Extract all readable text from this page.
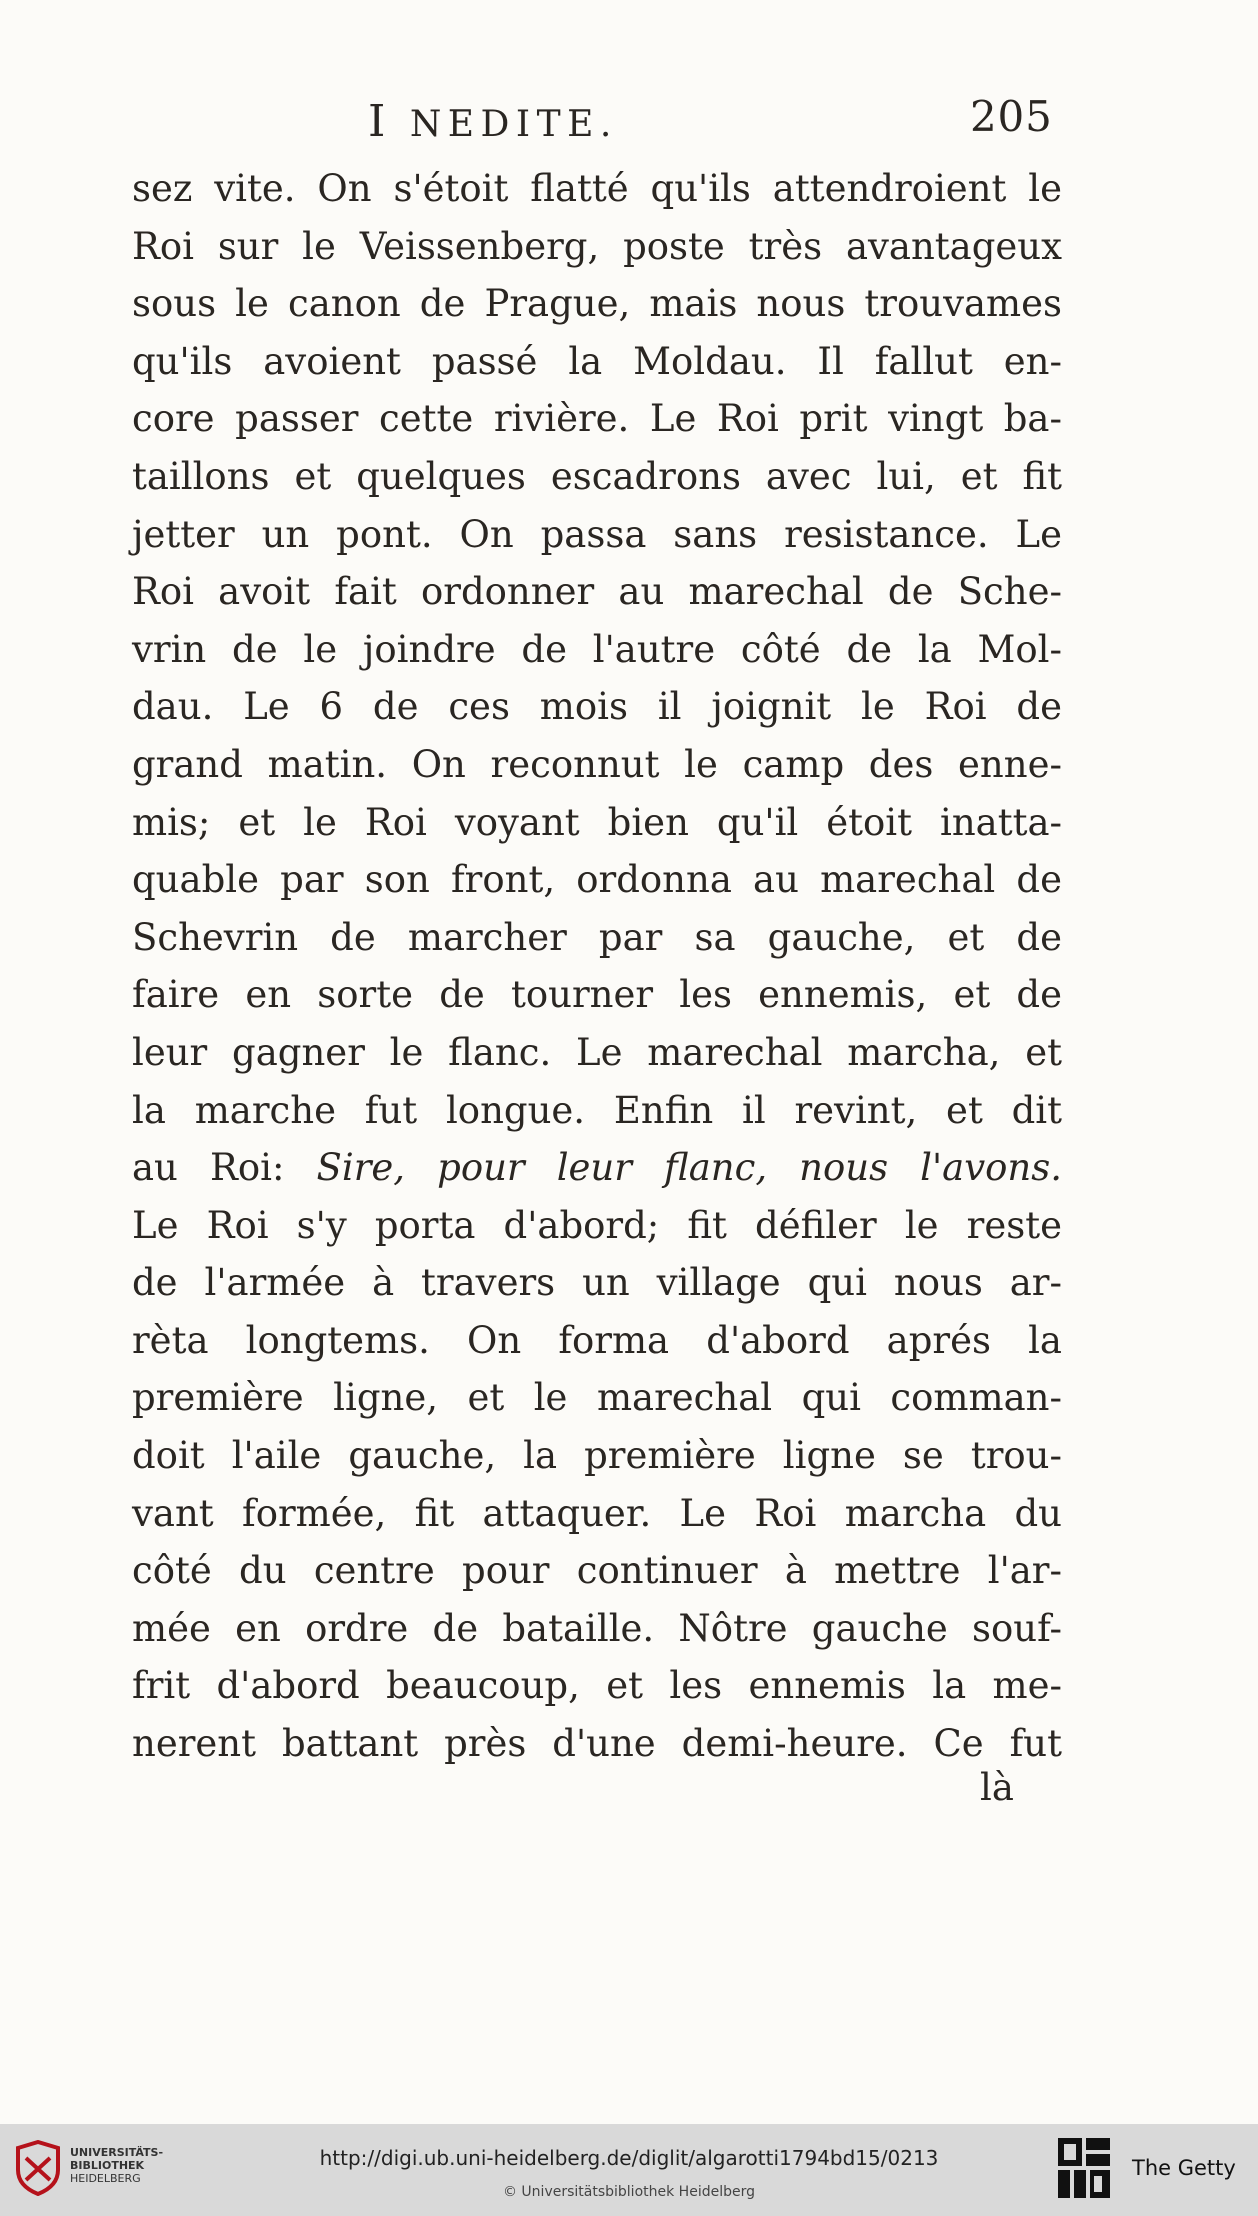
I NEDITE.	205
sez vite. On s'étoit flatté qu'ils attendroient le
Roi sur le Veissenberg, poste très avantageux
sous le canon de Prague, mais nous trouvames
qu'ils avoient passé la Moldau. Il fallut en-
core passer cette rivière. Le Roi prit vingt ba-
taillons et quelques escadrons avec lui, et fit
jetter un pont. On passa sans resistance. Le
Roi avoit fait ordonner au marechal de Sche-
vrin de le joindre de l'autre côté de la Mol-
dau. Le 6 de ces mois il joignit le Roi de
grand matin. On reconnut le camp des enne-
mis; et le Roi voyant bien qu'il étoit inatta-
quable par son front, ordonna au marechal de
Schevrin de marcher par sa gauche, et de
faire en sorte de tourner les ennemis, et de
leur gagner le flanc. Le marechal marcha, et
la marche fut longue. Enfin il revint, et dit
au Roi: Sire, pour leur flanc, nous l'avons.
Le Roi s'y porta d'abord; fit défiler le reste
de l'armée à travers un village qui nous ar-
rèta longtems. On forma d'abord aprés la
première ligne, et le marechal qui comman-
doit l'aile gauche, la première ligne se trou-
vant formée, fit attaquer. Le Roi marcha du
côté du centre pour continuer à mettre l'ar-
mée en ordre de bataille. Nôtre gauche souf-
frit d'abord beaucoup, et les ennemis la me-
nerent battant près d'une demi-heure. Ce fut
là
UNIVERSITÄTS-
BIBLIOTHEK
HEIDELBERG
http://digi.ub.uni-heidelberg.de/diglit/algarotti1794bd15/0213
© Universitätsbibliothek Heidelberg
The Getty
